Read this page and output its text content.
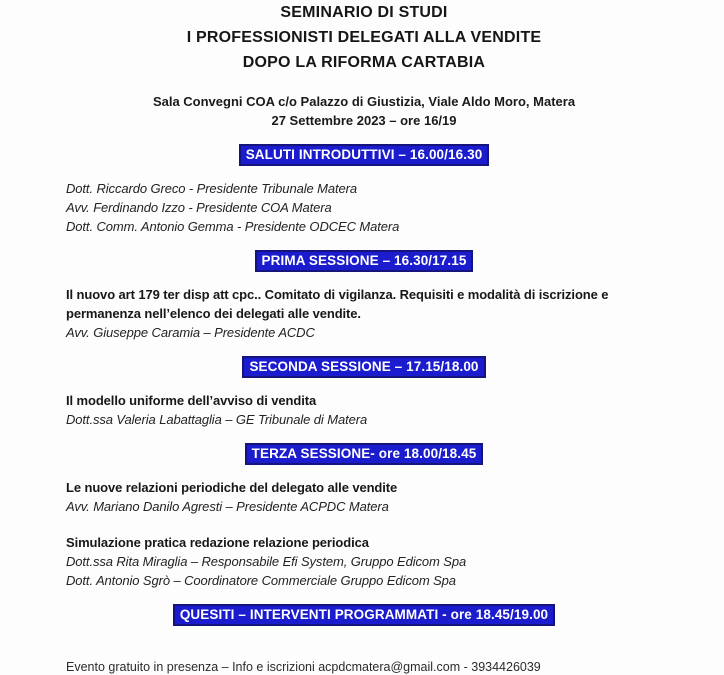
SEMINARIO DI STUDI
I PROFESSIONISTI DELEGATI ALLA VENDITE
DOPO LA RIFORMA CARTABIA
Sala Convegni COA c/o Palazzo di Giustizia, Viale Aldo Moro, Matera
27 Settembre 2023 – ore 16/19
SALUTI INTRODUTTIVI – 16.00/16.30

Dott. Riccardo Greco - Presidente Tribunale Matera

Avv. Ferdinando Izzo - Presidente COA Matera

Dott. Comm. Antonio Gemma - Presidente ODCEC Matera

PRIMA SESSIONE – 16.30/17.15

Il nuovo art 179 ter disp att cpc.. Comitato di vigilanza. Requisiti e modalità di iscrizione e permanenza nell’elenco dei delegati alle vendite.

Avv. Giuseppe Caramia – Presidente ACDC

SECONDA SESSIONE – 17.15/18.00

Il modello uniforme dell’avviso di vendita

Dott.ssa Valeria Labattaglia – GE Tribunale di Matera

TERZA SESSIONE- ore 18.00/18.45

Le nuove relazioni periodiche del delegato alle vendite

Avv. Mariano Danilo Agresti – Presidente ACPDC Matera

Simulazione pratica redazione relazione periodica

Dott.ssa Rita Miraglia – Responsabile Efi System, Gruppo Edicom Spa

Dott. Antonio Sgrò – Coordinatore Commerciale Gruppo Edicom Spa

QUESITI – INTERVENTI PROGRAMMATI - ore 18.45/19.00
Evento gratuito in presenza – Info e iscrizioni acpdcmatera@gmail.com - 3934426039
